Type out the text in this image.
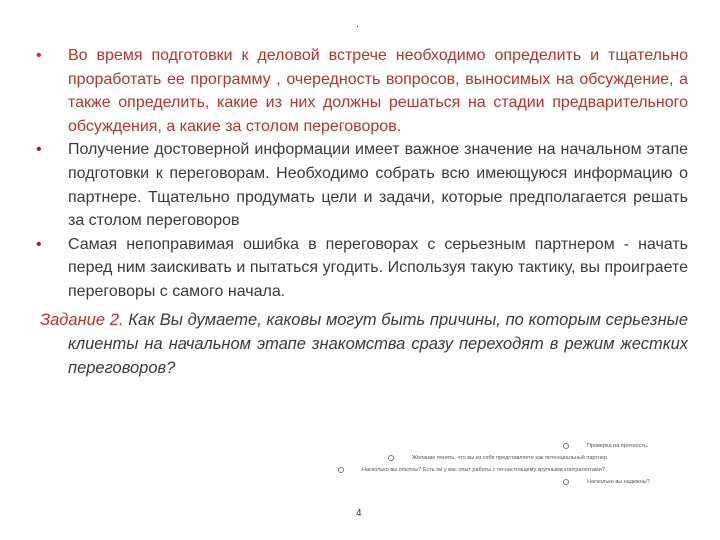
.
• Во время подготовки к деловой встрече необходимо определить и тщательно проработать ее программу , очередность вопросов, выносимых на обсуждение, а также определить, какие из них должны решаться на стадии предварительного обсуждения, а какие за столом переговоров.

• Получение достоверной информации имеет важное значение на начальном этапе подготовки к переговорам. Необходимо собрать всю имеющуюся информацию о партнере. Тщательно продумать цели и задачи, которые предполагается решать за столом переговоров

• Самая непоправимая ошибка в переговорах с серьезным партнером - начать перед ним заискивать и пытаться угодить. Используя такую тактику, вы проиграете переговоры с самого начала.

Задание 2. Как Вы думаете, каковы могут быть причины, по которым серьезные клиенты на начальном этапе знакомства сразу переходят в режим жестких переговоров?

Проверка на прочность.
Желание понять, что вы из себя представляете как потенциальный партнер.
Насколько вы опытны? Есть ли у вас опыт работы с по-настоящему крупными контрагентами?
Насколько вы надежны?
4
